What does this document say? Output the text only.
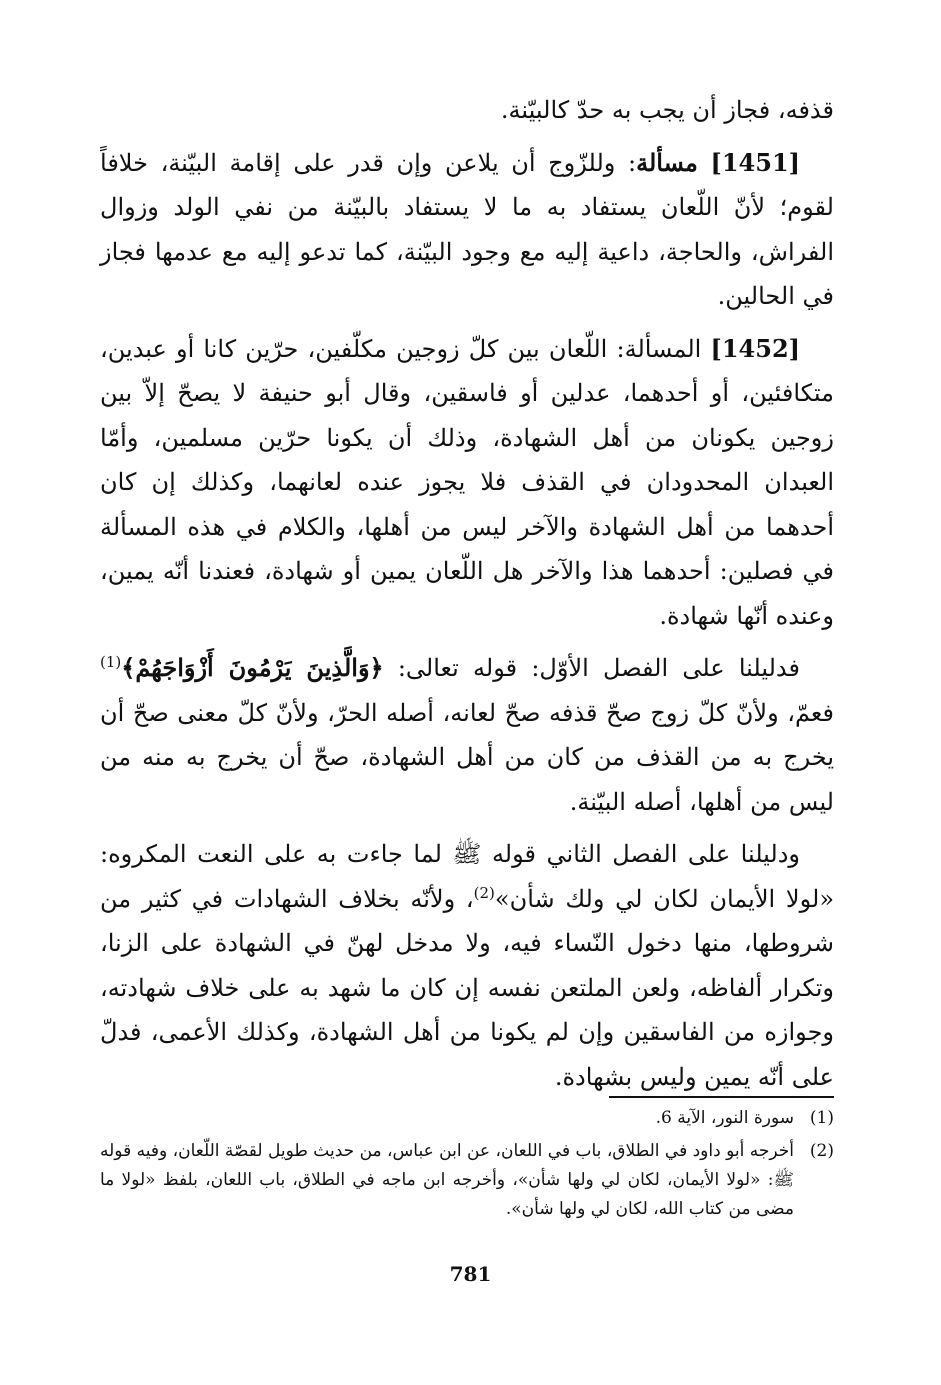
قذفه، فجاز أن يجب به حدّ كالبيّنة.

[1451] مسألة: وللزّوج أن يلاعن وإن قدر على إقامة البيّنة، خلافاً لقوم؛ لأنّ اللّعان يستفاد به ما لا يستفاد بالبيّنة من نفي الولد وزوال الفراش، والحاجة، داعية إليه مع وجود البيّنة، كما تدعو إليه مع عدمها فجاز في الحالين.

[1452] المسألة: اللّعان بين كلّ زوجين مكلّفين، حرّين كانا أو عبدين، متكافئين، أو أحدهما، عدلين أو فاسقين، وقال أبو حنيفة لا يصحّ إلاّ بين زوجين يكونان من أهل الشهادة، وذلك أن يكونا حرّين مسلمين، وأمّا العبدان المحدودان في القذف فلا يجوز عنده لعانهما، وكذلك إن كان أحدهما من أهل الشهادة والآخر ليس من أهلها، والكلام في هذه المسألة في فصلين: أحدهما هذا والآخر هل اللّعان يمين أو شهادة، فعندنا أنّه يمين، وعنده أنّها شهادة.

فدليلنا على الفصل الأوّل: قوله تعالى: ﴿وَالَّذِينَ يَرْمُونَ أَزْوَاجَهُمْ﴾$^{(1)}$ فعمّ، ولأنّ كلّ زوج صحّ قذفه صحّ لعانه، أصله الحرّ، ولأنّ كلّ معنى صحّ أن يخرج به من القذف من كان من أهل الشهادة، صحّ أن يخرج به منه من ليس من أهلها، أصله البيّنة.

ودليلنا على الفصل الثاني قوله ﷺ لما جاءت به على النعت المكروه: «لولا الأيمان لكان لي ولك شأن»$^{(2)}$، ولأنّه بخلاف الشهادات في كثير من شروطها، منها دخول النّساء فيه، ولا مدخل لهنّ في الشهادة على الزنا، وتكرار ألفاظه، ولعن الملتعن نفسه إن كان ما شهد به على خلاف شهادته، وجوازه من الفاسقين وإن لم يكونا من أهل الشهادة، وكذلك الأعمى، فدلّ على أنّه يمين وليس بشهادة.

(1)
سورة النور، الآية 6.
(2)
أخرجه أبو داود في الطلاق، باب في اللعان، عن ابن عباس، من حديث طويل لقصّة اللّعان، وفيه قوله ﷺ: «لولا الأيمان، لكان لي ولها شأن»، وأخرجه ابن ماجه في الطلاق، باب اللعان، بلفظ «لولا ما مضى من كتاب الله، لكان لي ولها شأن».
781
